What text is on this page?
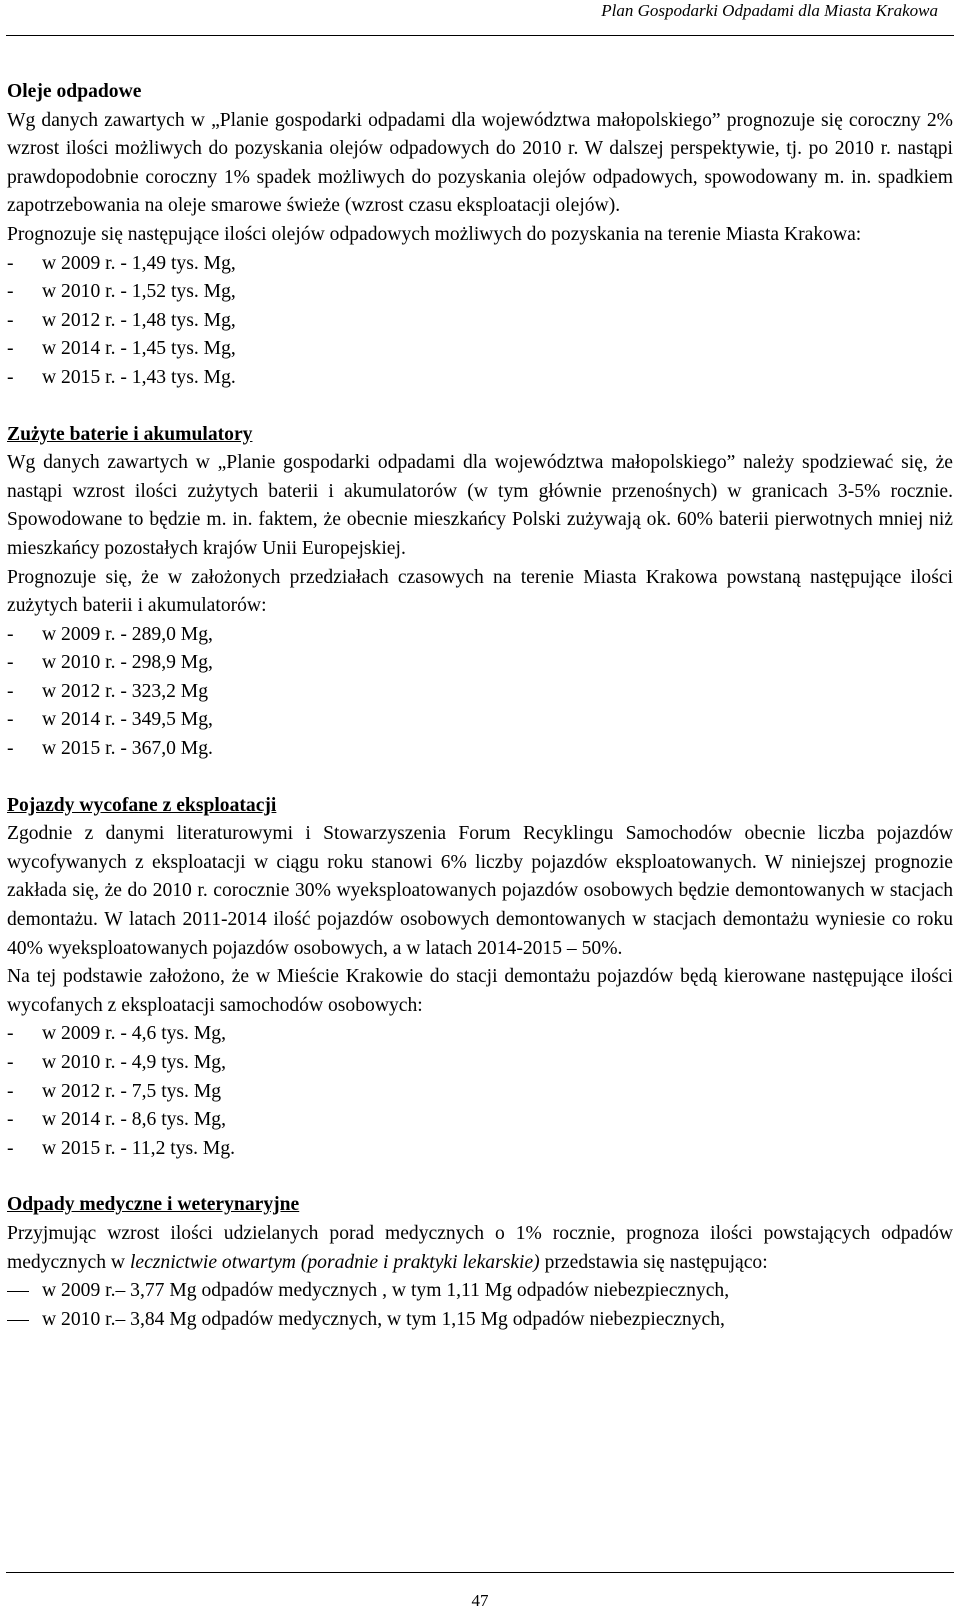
Plan Gospodarki Odpadami dla Miasta Krakowa
Oleje odpadowe

Wg danych zawartych w „Planie gospodarki odpadami dla województwa małopolskiego” prognozuje się coroczny 2% wzrost ilości możliwych do pozyskania olejów odpadowych do 2010 r. W dalszej perspektywie, tj. po 2010 r. nastąpi prawdopodobnie coroczny 1% spadek możliwych do pozyskania olejów odpadowych, spowodowany m. in. spadkiem zapotrzebowania na oleje smarowe świeże (wzrost czasu eksploatacji olejów).

Prognozuje się następujące ilości olejów odpadowych możliwych do pozyskania na terenie Miasta Krakowa:

- w 2009 r. - 1,49 tys. Mg,
- w 2010 r. - 1,52 tys. Mg,
- w 2012 r. - 1,48 tys. Mg,
- w 2014 r. - 1,45 tys. Mg,
- w 2015 r. - 1,43 tys. Mg.
Zużyte baterie i akumulatory

Wg danych zawartych w „Planie gospodarki odpadami dla województwa małopolskiego” należy spodziewać się, że nastąpi wzrost ilości zużytych baterii i akumulatorów (w tym głównie przenośnych) w granicach 3-5% rocznie. Spowodowane to będzie m. in. faktem, że obecnie mieszkańcy Polski zużywają ok. 60% baterii pierwotnych mniej niż mieszkańcy pozostałych krajów Unii Europejskiej.

Prognozuje się, że w założonych przedziałach czasowych na terenie Miasta Krakowa powstaną następujące ilości zużytych baterii i akumulatorów:

- w 2009 r. - 289,0 Mg,
- w 2010 r. - 298,9 Mg,
- w 2012 r. - 323,2 Mg
- w 2014 r. - 349,5 Mg,
- w 2015 r. - 367,0 Mg.
Pojazdy wycofane z eksploatacji

Zgodnie z danymi literaturowymi i Stowarzyszenia Forum Recyklingu Samochodów obecnie liczba pojazdów wycofywanych z eksploatacji w ciągu roku stanowi 6% liczby pojazdów eksploatowanych. W niniejszej prognozie zakłada się, że do 2010 r. corocznie 30% wyeksploatowanych pojazdów osobowych będzie demontowanych w stacjach demontażu. W latach 2011-2014 ilość pojazdów osobowych demontowanych w stacjach demontażu wyniesie co roku 40% wyeksploatowanych pojazdów osobowych, a w latach 2014-2015 – 50%.

Na tej podstawie założono, że w Mieście Krakowie do stacji demontażu pojazdów będą kierowane następujące ilości wycofanych z eksploatacji samochodów osobowych:

- w 2009 r. - 4,6 tys. Mg,
- w 2010 r. - 4,9 tys. Mg,
- w 2012 r. - 7,5 tys. Mg
- w 2014 r. - 8,6 tys. Mg,
- w 2015 r. - 11,2 tys. Mg.
Odpady medyczne i weterynaryjne

Przyjmując wzrost ilości udzielanych porad medycznych o 1% rocznie, prognoza ilości powstających odpadów medycznych w lecznictwie otwartym (poradnie i praktyki lekarskie) przedstawia się następująco:

w 2009 r.– 3,77 Mg odpadów medycznych , w tym 1,11 Mg odpadów niebezpiecznych,
w 2010 r.– 3,84 Mg odpadów medycznych, w tym 1,15 Mg odpadów niebezpiecznych,
47
